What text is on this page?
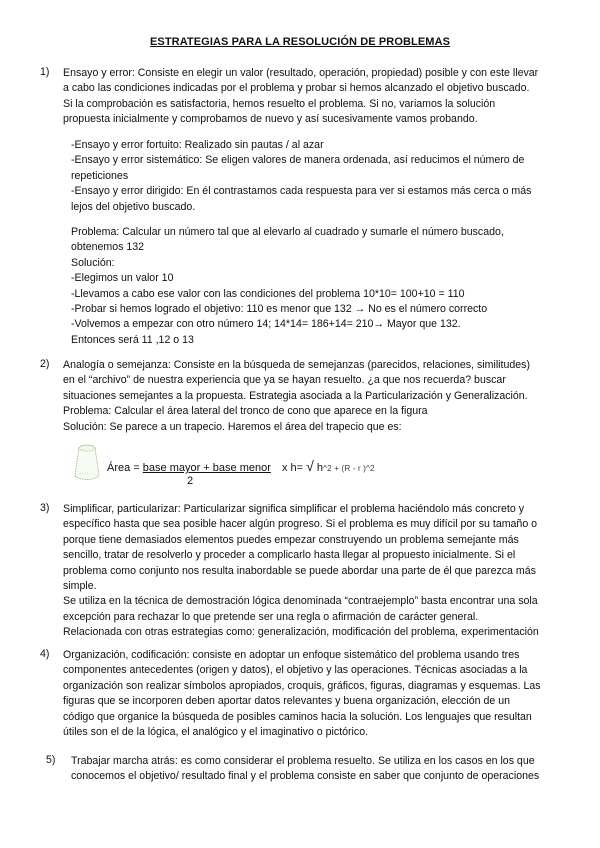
ESTRATEGIAS PARA LA RESOLUCIÓN DE PROBLEMAS
1)	Ensayo y error: Consiste en elegir un valor (resultado, operación, propiedad) posible y con este llevar
a cabo las condiciones indicadas por el problema y probar si hemos alcanzado el objetivo buscado.
Si la comprobación es satisfactoria, hemos resuelto el problema. Si no, variamos la solución
propuesta inicialmente y comprobamos de nuevo y así sucesivamente vamos probando.
-Ensayo y error fortuito: Realizado sin pautas / al azar
-Ensayo y error sistemático: Se eligen valores de manera ordenada, así reducimos el número de
repeticiones
-Ensayo y error dirigido: En él contrastamos cada respuesta para ver si estamos más cerca o más
lejos del objetivo buscado.
Problema: Calcular un número tal que al elevarlo al cuadrado y sumarle el número buscado,
obtenemos 132
Solución:
-Elegimos un valor 10
-Llevamos a cabo ese valor con las condiciones del problema 10*10= 100+10 = 110
-Probar si hemos logrado el objetivo: 110 es menor que 132 → No es el número correcto
-Volvemos a empezar con otro número 14; 14*14= 186+14= 210→ Mayor que 132.
Entonces será 11 ,12 o 13
2)	Analogía o semejanza: Consiste en la búsqueda de semejanzas (parecidos, relaciones, similitudes)
en el “archivo” de nuestra experiencia que ya se hayan resuelto. ¿a que nos recuerda? buscar
situaciones semejantes a la propuesta. Estrategia asociada a la Particularización y Generalización.
Problema: Calcular el área lateral del tronco de cono que aparece en la figura
Solución: Se parece a un trapecio. Haremos el área del trapecio que es:
Área = base mayor + base menor x h= √ h^2 + (R - r )^2
2
3)	Simplificar, particularizar: Particularizar significa simplificar el problema haciéndolo más concreto y
específico hasta que sea posible hacer algún progreso. Si el problema es muy difícil por su tamaño o
porque tiene demasiados elementos puedes empezar construyendo un problema semejante más
sencillo, tratar de resolverlo y proceder a complicarlo hasta llegar al propuesto inicialmente. Si el
problema como conjunto nos resulta inabordable se puede abordar una parte de él que parezca más
simple.
Se utiliza en la técnica de demostración lógica denominada “contraejemplo” basta encontrar una sola
excepción para rechazar lo que pretende ser una regla o afirmación de carácter general.
Relacionada con otras estrategias como: generalización, modificación del problema, experimentación
4)	Organización, codificación: consiste en adoptar un enfoque sistemático del problema usando tres
componentes antecedentes (origen y datos), el objetivo y las operaciones. Técnicas asociadas a la
organización son realizar símbolos apropiados, croquis, gráficos, figuras, diagramas y esquemas. Las
figuras que se incorporen deben aportar datos relevantes y buena organización, elección de un
código que organice la búsqueda de posibles caminos hacia la solución. Los lenguajes que resultan
útiles son el de la lógica, el analógico y el imaginativo o pictórico.
5)	Trabajar marcha atrás: es como considerar el problema resuelto. Se utiliza en los casos en los que
conocemos el objetivo/ resultado final y el problema consiste en saber que conjunto de operaciones
